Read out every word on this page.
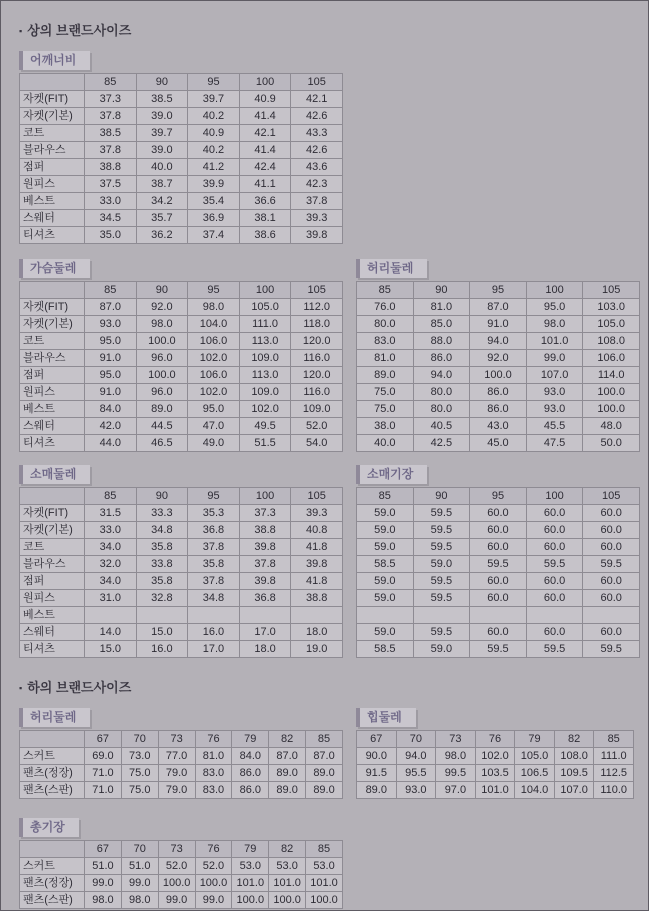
▪ 상의 브랜드사이즈
어깨너비
	85	90	95	100	105
자켓(FIT)	37.3	38.5	39.7	40.9	42.1
자켓(기본)	37.8	39.0	40.2	41.4	42.6
코트	38.5	39.7	40.9	42.1	43.3
블라우스	37.8	39.0	40.2	41.4	42.6
점퍼	38.8	40.0	41.2	42.4	43.6
원피스	37.5	38.7	39.9	41.1	42.3
베스트	33.0	34.2	35.4	36.6	37.8
스웨터	34.5	35.7	36.9	38.1	39.3
티셔츠	35.0	36.2	37.4	38.6	39.8
가슴둘레
	85	90	95	100	105
자켓(FIT)	87.0	92.0	98.0	105.0	112.0
자켓(기본)	93.0	98.0	104.0	111.0	118.0
코트	95.0	100.0	106.0	113.0	120.0
블라우스	91.0	96.0	102.0	109.0	116.0
점퍼	95.0	100.0	106.0	113.0	120.0
원피스	91.0	96.0	102.0	109.0	116.0
베스트	84.0	89.0	95.0	102.0	109.0
스웨터	42.0	44.5	47.0	49.5	52.0
티셔츠	44.0	46.5	49.0	51.5	54.0
허리둘레
85	90	95	100	105
76.0	81.0	87.0	95.0	103.0
80.0	85.0	91.0	98.0	105.0
83.0	88.0	94.0	101.0	108.0
81.0	86.0	92.0	99.0	106.0
89.0	94.0	100.0	107.0	114.0
75.0	80.0	86.0	93.0	100.0
75.0	80.0	86.0	93.0	100.0
38.0	40.5	43.0	45.5	48.0
40.0	42.5	45.0	47.5	50.0
소매둘레
	85	90	95	100	105
자켓(FIT)	31.5	33.3	35.3	37.3	39.3
자켓(기본)	33.0	34.8	36.8	38.8	40.8
코트	34.0	35.8	37.8	39.8	41.8
블라우스	32.0	33.8	35.8	37.8	39.8
점퍼	34.0	35.8	37.8	39.8	41.8
원피스	31.0	32.8	34.8	36.8	38.8
베스트					
스웨터	14.0	15.0	16.0	17.0	18.0
티셔츠	15.0	16.0	17.0	18.0	19.0
소매기장
85	90	95	100	105
59.0	59.5	60.0	60.0	60.0
59.0	59.5	60.0	60.0	60.0
59.0	59.5	60.0	60.0	60.0
58.5	59.0	59.5	59.5	59.5
59.0	59.5	60.0	60.0	60.0
59.0	59.5	60.0	60.0	60.0

59.0	59.5	60.0	60.0	60.0
58.5	59.0	59.5	59.5	59.5
▪ 하의 브랜드사이즈
허리둘레
	67	70	73	76	79	82	85
스커트	69.0	73.0	77.0	81.0	84.0	87.0	87.0
팬츠(정장)	71.0	75.0	79.0	83.0	86.0	89.0	89.0
팬츠(스판)	71.0	75.0	79.0	83.0	86.0	89.0	89.0
힙둘레
67	70	73	76	79	82	85
90.0	94.0	98.0	102.0	105.0	108.0	111.0
91.5	95.5	99.5	103.5	106.5	109.5	112.5
89.0	93.0	97.0	101.0	104.0	107.0	110.0
총기장
	67	70	73	76	79	82	85
스커트	51.0	51.0	52.0	52.0	53.0	53.0	53.0
팬츠(정장)	99.0	99.0	100.0	100.0	101.0	101.0	101.0
팬츠(스판)	98.0	98.0	99.0	99.0	100.0	100.0	100.0
